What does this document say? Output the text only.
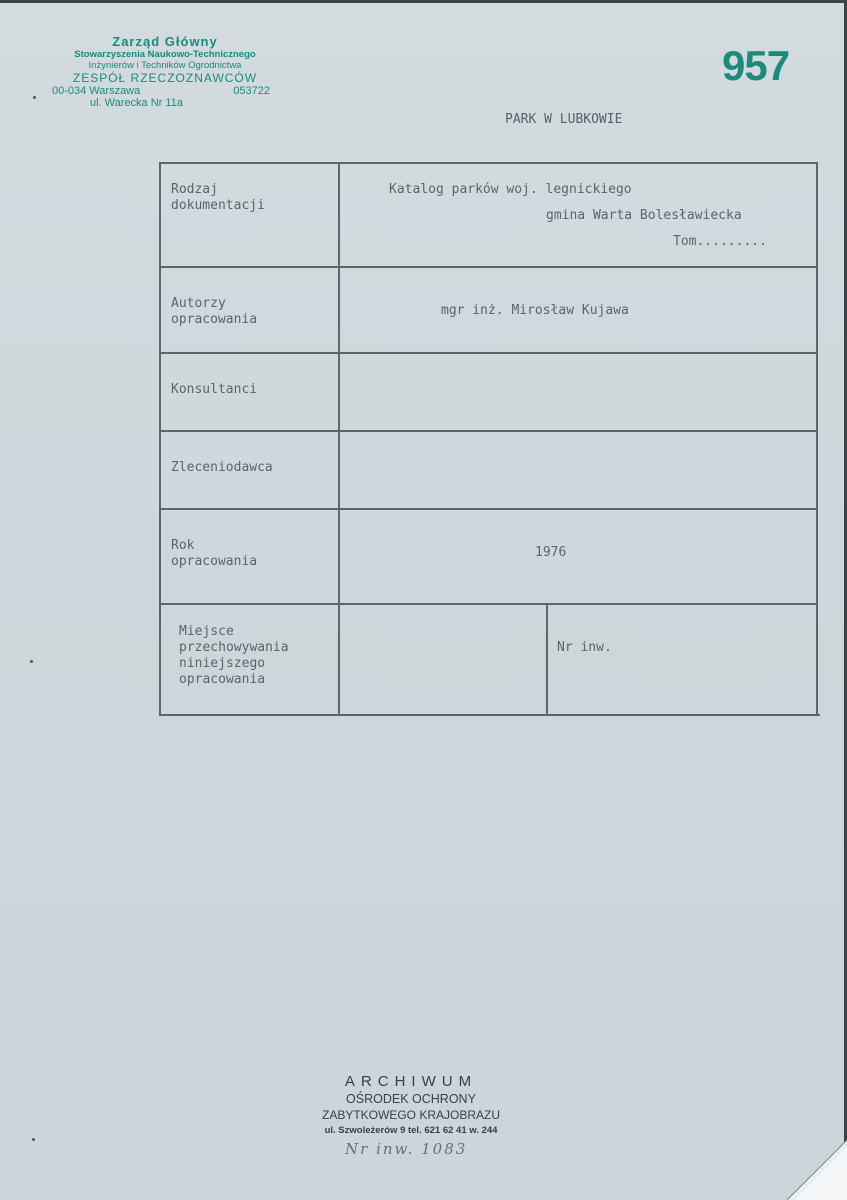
Zarząd Główny
Stowarzyszenia Naukowo-Technicznego
Inżynierów i Techników Ogrodnictwa
ZESPÓŁ RZECZOZNAWCÓW
00-034 Warszawa	053722
ul. Warecka Nr 11a
957
PARK W LUBKOWIE
Rodzaj
dokumentacji
Katalog parków woj. legnickiego
gmina Warta Bolesławiecka
Tom.........
Autorzy
opracowania
mgr inż. Mirosław Kujawa
Konsultanci
Zleceniodawca
Rok
opracowania
1976
Miejsce
przechowywania
niniejszego
opracowania
Nr inw.
ARCHIWUM
OŚRODEK OCHRONY
ZABYTKOWEGO KRAJOBRAZU
ul. Szwoleżerów 9 tel. 621 62 41 w. 244
Nr inw. 1083
